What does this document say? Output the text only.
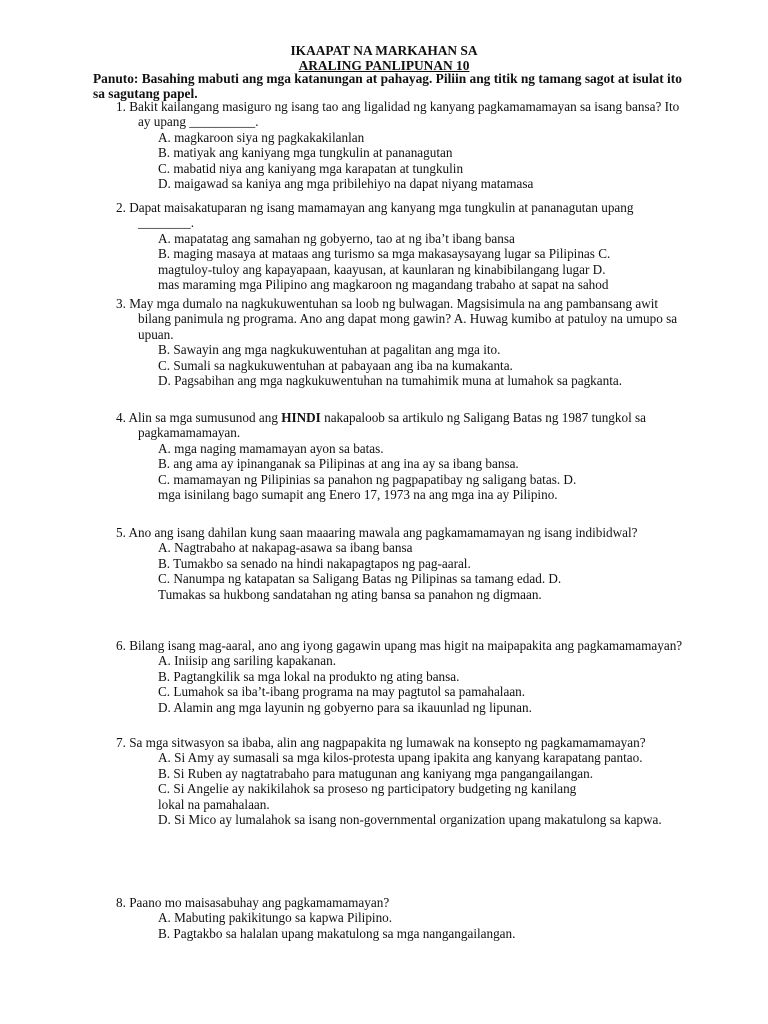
IKAAPAT NA MARKAHAN SA
ARALING PANLIPUNAN 10
Panuto: Basahing mabuti ang mga katanungan at pahayag. Piliin ang titik ng tamang sagot at isulat ito sa sagutang papel.
1. Bakit kailangang masiguro ng isang tao ang ligalidad ng kanyang pagkamamamayan sa isang bansa? Ito ay upang __________.
A. magkaroon siya ng pagkakakilanlan
B. matiyak ang kaniyang mga tungkulin at pananagutan
C. mabatid niya ang kaniyang mga karapatan at tungkulin
D. maigawad sa kaniya ang mga pribilehiyo na dapat niyang matamasa
2. Dapat maisakatuparan ng isang mamamayan ang kanyang mga tungkulin at pananagutan upang ________.
A. mapatatag ang samahan ng gobyerno, tao at ng iba’t ibang bansa
B. maging masaya at mataas ang turismo sa mga makasaysayang lugar sa Pilipinas C.
magtuloy-tuloy ang kapayapaan, kaayusan, at kaunlaran ng kinabibilangang lugar D.
mas maraming mga Pilipino ang magkaroon ng magandang trabaho at sapat na sahod
3. May mga dumalo na nagkukuwentuhan sa loob ng bulwagan. Magsisimula na ang pambansang awit bilang panimula ng programa. Ano ang dapat mong gawin? A. Huwag kumibo at patuloy na umupo sa upuan.
B. Sawayin ang mga nagkukuwentuhan at pagalitan ang mga ito.
C. Sumali sa nagkukuwentuhan at pabayaan ang iba na kumakanta.
D. Pagsabihan ang mga nagkukuwentuhan na tumahimik muna at lumahok sa pagkanta.
4. Alin sa mga sumusunod ang HINDI nakapaloob sa artikulo ng Saligang Batas ng 1987 tungkol sa pagkamamamayan.
A. mga naging mamamayan ayon sa batas.
B. ang ama ay ipinanganak sa Pilipinas at ang ina ay sa ibang bansa.
C. mamamayan ng Pilipinias sa panahon ng pagpapatibay ng saligang batas. D.
mga isinilang bago sumapit ang Enero 17, 1973 na ang mga ina ay Pilipino.
5. Ano ang isang dahilan kung saan maaaring mawala ang pagkamamamayan ng isang indibidwal?
A. Nagtrabaho at nakapag-asawa sa ibang bansa
B. Tumakbo sa senado na hindi nakapagtapos ng pag-aaral.
C. Nanumpa ng katapatan sa Saligang Batas ng Pilipinas sa tamang edad. D.
Tumakas sa hukbong sandatahan ng ating bansa sa panahon ng digmaan.
6. Bilang isang mag-aaral, ano ang iyong gagawin upang mas higit na maipapakita ang pagkamamamayan?
A. Iniisip ang sariling kapakanan.
B. Pagtangkilik sa mga lokal na produkto ng ating bansa.
C. Lumahok sa iba’t-ibang programa na may pagtutol sa pamahalaan.
D. Alamin ang mga layunin ng gobyerno para sa ikauunlad ng lipunan.
7. Sa mga sitwasyon sa ibaba, alin ang nagpapakita ng lumawak na konsepto ng pagkamamamayan?
A. Si Amy ay sumasali sa mga kilos-protesta upang ipakita ang kanyang karapatang pantao.
B. Si Ruben ay nagtatrabaho para matugunan ang kaniyang mga pangangailangan.
C. Si Angelie ay nakikilahok sa proseso ng participatory budgeting ng kanilang
lokal na pamahalaan.
D. Si Mico ay lumalahok sa isang non-governmental organization upang makatulong sa kapwa.
8. Paano mo maisasabuhay ang pagkamamamayan?
A. Mabuting pakikitungo sa kapwa Pilipino.
B. Pagtakbo sa halalan upang makatulong sa mga nangangailangan.
